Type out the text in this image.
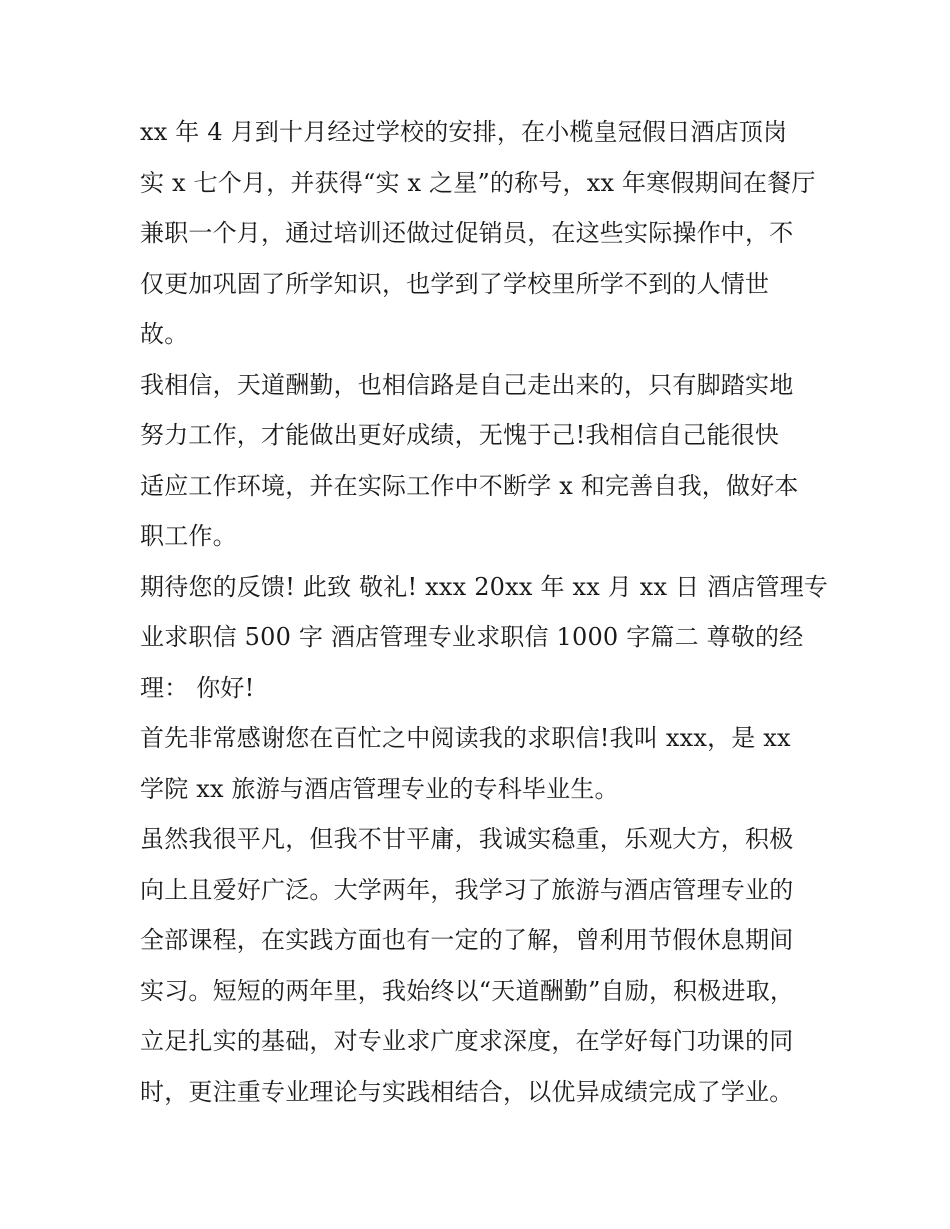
xx 年 4 月到十月经过学校的安排，在小榄皇冠假日酒店顶岗
实 x 七个月，并获得“实 x 之星”的称号，xx 年寒假期间在餐厅
兼职一个月，通过培训还做过促销员，在这些实际操作中，不
仅更加巩固了所学知识，也学到了学校里所学不到的人情世
故。
我相信，天道酬勤，也相信路是自己走出来的，只有脚踏实地
努力工作，才能做出更好成绩，无愧于己!我相信自己能很快
适应工作环境，并在实际工作中不断学 x 和完善自我，做好本
职工作。
期待您的反馈! 此致 敬礼! xxx 20xx 年 xx 月 xx 日 酒店管理专
业求职信 500 字 酒店管理专业求职信 1000 字篇二 尊敬的经
理： 你好!
首先非常感谢您在百忙之中阅读我的求职信!我叫 xxx，是 xx
学院 xx 旅游与酒店管理专业的专科毕业生。
虽然我很平凡，但我不甘平庸，我诚实稳重，乐观大方，积极
向上且爱好广泛。大学两年，我学习了旅游与酒店管理专业的
全部课程，在实践方面也有一定的了解，曾利用节假休息期间
实习。短短的两年里，我始终以“天道酬勤”自励，积极进取，
立足扎实的基础，对专业求广度求深度，在学好每门功课的同
时，更注重专业理论与实践相结合，以优异成绩完成了学业。
